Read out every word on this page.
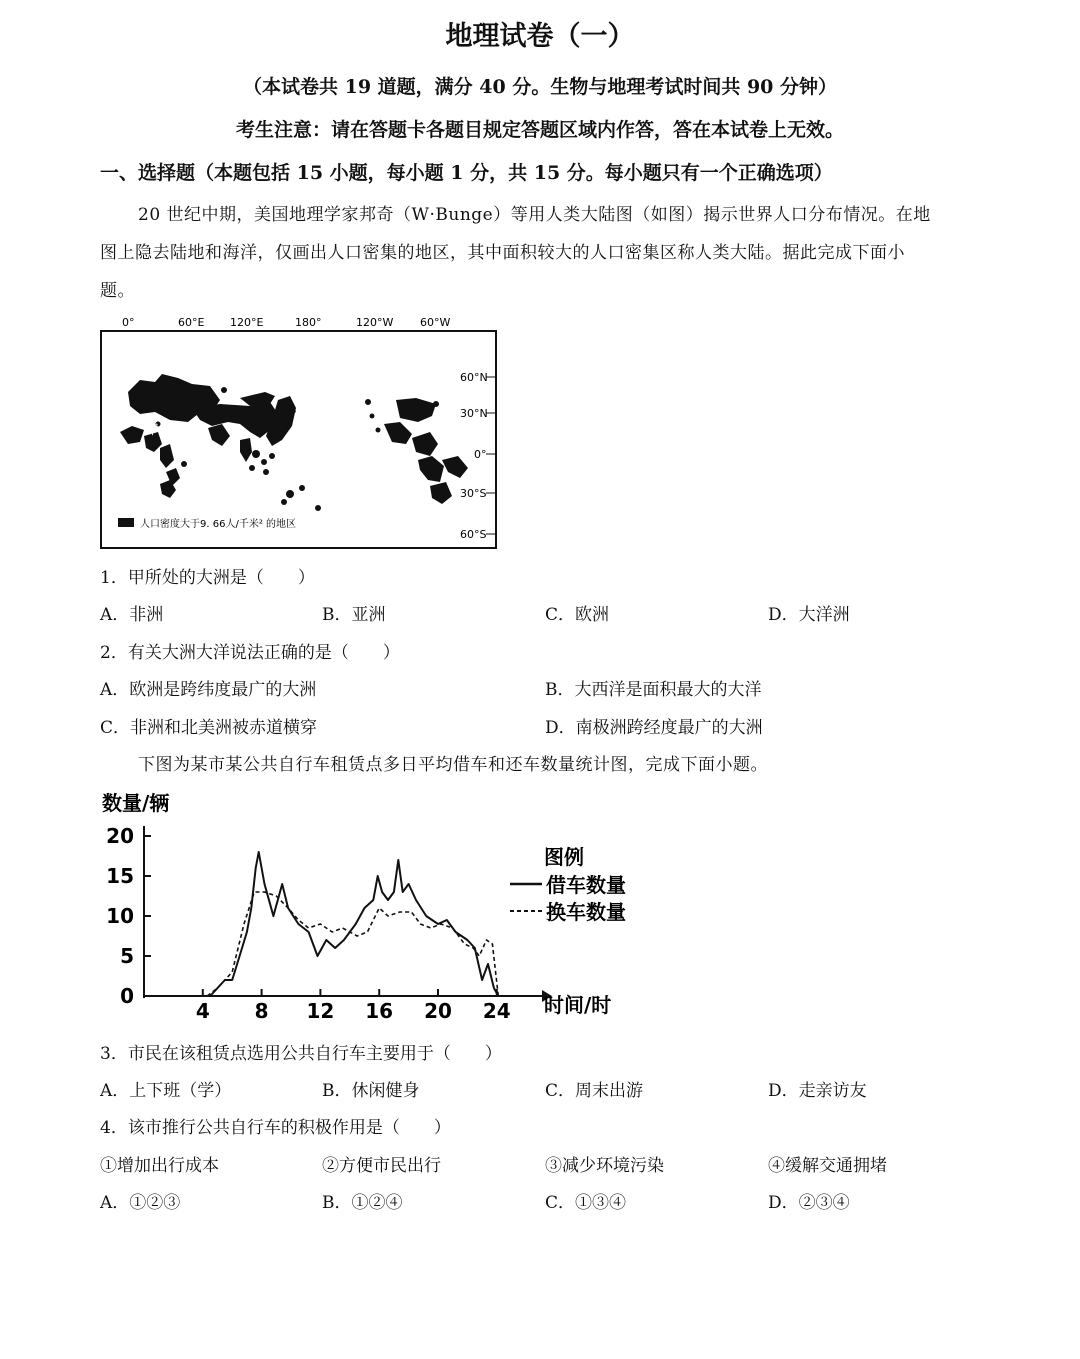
地理试卷（一）
（本试卷共 19 道题，满分 40 分。生物与地理考试时间共 90 分钟）
考生注意：请在答题卡各题目规定答题区域内作答，答在本试卷上无效。
一、选择题（本题包括 15 小题，每小题 1 分，共 15 分。每小题只有一个正确选项）
20 世纪中期，美国地理学家邦奇（W·Bunge）等用人类大陆图（如图）揭示世界人口分布情况。在地
图上隐去陆地和海洋，仅画出人口密集的地区，其中面积较大的人口密集区称人类大陆。据此完成下面小
题。
0°	60°E 120°E	180°	120°W 60°W
60°N
30°N
0°
30°S
60°S
甲
乙
人口密度大于9. 66人/千米² 的地区
1．甲所处的大洲是（　　）
A．非洲	B．亚洲	C．欧洲	D．大洋洲
2．有关大洲大洋说法正确的是（　　）
A．欧洲是跨纬度最广的大洲	B．大西洋是面积最大的大洋
C．非洲和北美洲被赤道横穿	D．南极洲跨经度最广的大洲
下图为某市某公共自行车租赁点多日平均借车和还车数量统计图，完成下面小题。
数量/辆
0
5
10
15
20
4 8 12 16 20 24 时间/时
图例
借车数量
换车数量
3．市民在该租赁点选用公共自行车主要用于（　　）
A．上下班（学）	B．休闲健身	C．周末出游	D．走亲访友
4．该市推行公共自行车的积极作用是（　　）
①增加出行成本	②方便市民出行	③减少环境污染	④缓解交通拥堵
A．①②③	B．①②④	C．①③④	D．②③④
